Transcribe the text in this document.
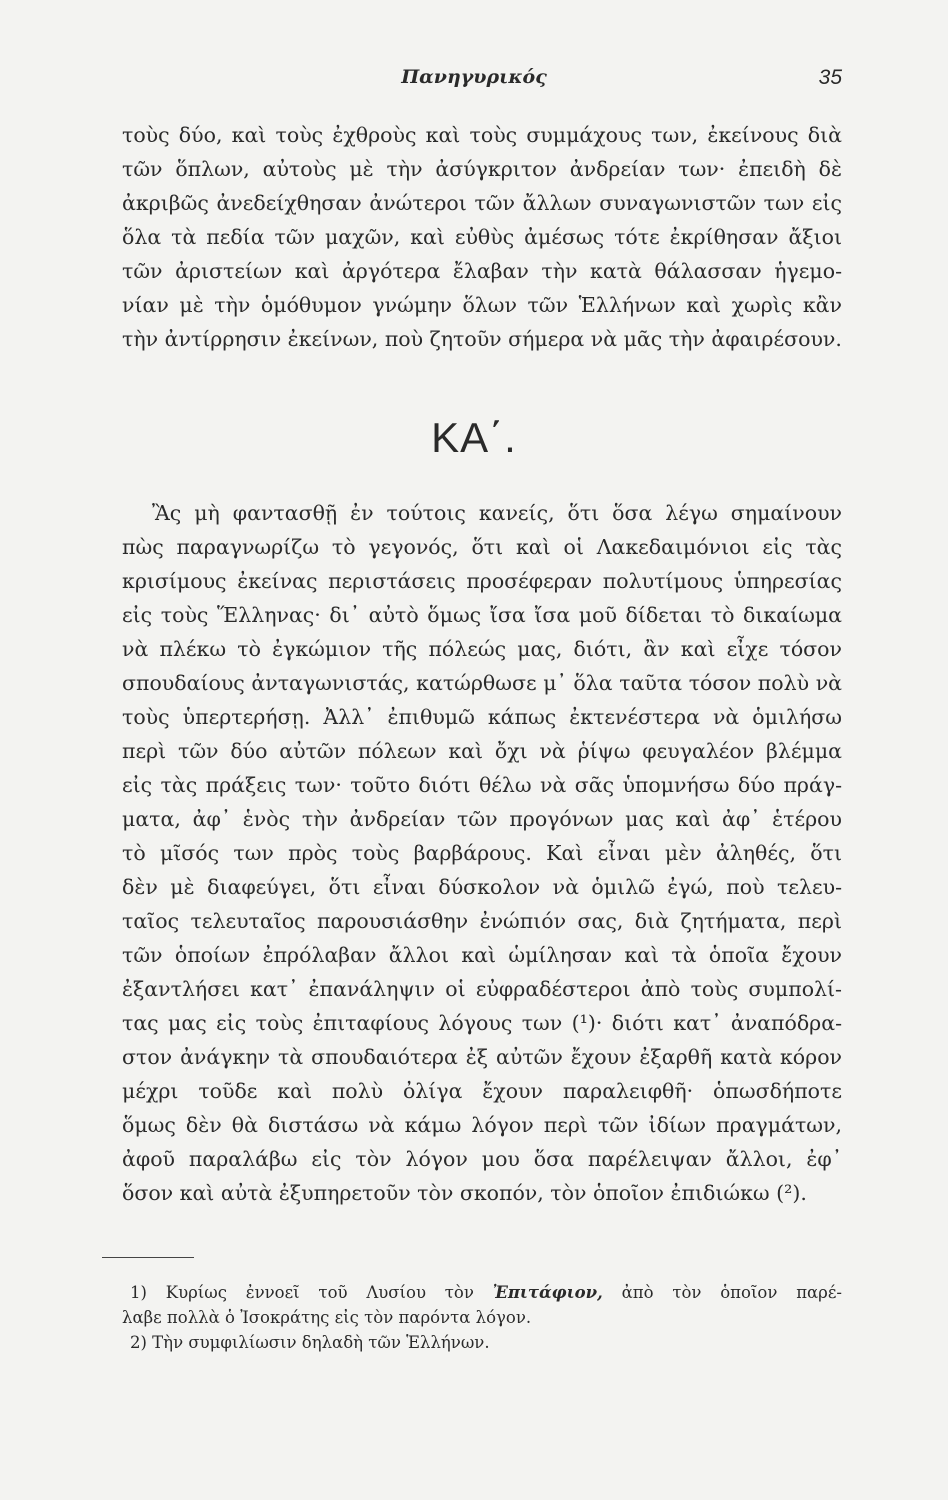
Πανηγυρικός	35
τοὺς δύο, καὶ τοὺς ἐχθροὺς καὶ τοὺς συμμάχους των, ἐκείνους διὰ
τῶν ὅπλων, αὐτοὺς μὲ τὴν ἀσύγκριτον ἀνδρείαν των· ἐπειδὴ δὲ
ἀκριβῶς ἀνεδείχθησαν ἀνώτεροι τῶν ἄλλων συναγωνιστῶν των εἰς
ὅλα τὰ πεδία τῶν μαχῶν, καὶ εὐθὺς ἀμέσως τότε ἐκρίθησαν ἄξιοι
τῶν ἀριστείων καὶ ἀργότερα ἔλαβαν τὴν κατὰ θάλασσαν ἡγεμο-
νίαν μὲ τὴν ὁμόθυμον γνώμην ὅλων τῶν Ἑλλήνων καὶ χωρὶς κἂν
τὴν ἀντίρρησιν ἐκείνων, ποὺ ζητοῦν σήμερα νὰ μᾶς τὴν ἀφαιρέσουν.
ΚΑ΄.
Ἂς μὴ φαντασθῇ ἐν τούτοις κανείς, ὅτι ὅσα λέγω σημαίνουν
πὼς παραγνωρίζω τὸ γεγονός, ὅτι καὶ οἱ Λακεδαιμόνιοι εἰς τὰς
κρισίμους ἐκείνας περιστάσεις προσέφεραν πολυτίμους ὑπηρεσίας
εἰς τοὺς Ἕλληνας· δι᾽ αὐτὸ ὅμως ἴσα ἴσα μοῦ δίδεται τὸ δικαίωμα
νὰ πλέκω τὸ ἐγκώμιον τῆς πόλεώς μας, διότι, ἂν καὶ εἶχε τόσον
σπουδαίους ἀνταγωνιστάς, κατώρθωσε μ᾽ ὅλα ταῦτα τόσον πολὺ νὰ
τοὺς ὑπερτερήσῃ. Ἀλλ᾽ ἐπιθυμῶ κάπως ἐκτενέστερα νὰ ὁμιλήσω
περὶ τῶν δύο αὐτῶν πόλεων καὶ ὄχι νὰ ῥίψω φευγαλέον βλέμμα
εἰς τὰς πράξεις των· τοῦτο διότι θέλω νὰ σᾶς ὑπομνήσω δύο πράγ-
ματα, ἀφ᾽ ἑνὸς τὴν ἀνδρείαν τῶν προγόνων μας καὶ ἀφ᾽ ἑτέρου
τὸ μῖσός των πρὸς τοὺς βαρβάρους. Καὶ εἶναι μὲν ἀληθές, ὅτι
δὲν μὲ διαφεύγει, ὅτι εἶναι δύσκολον νὰ ὁμιλῶ ἐγώ, ποὺ τελευ-
ταῖος τελευταῖος παρουσιάσθην ἐνώπιόν σας, διὰ ζητήματα, περὶ
τῶν ὁποίων ἐπρόλαβαν ἄλλοι καὶ ὡμίλησαν καὶ τὰ ὁποῖα ἔχουν
ἐξαντλήσει κατ᾽ ἐπανάληψιν οἱ εὐφραδέστεροι ἀπὸ τοὺς συμπολί-
τας μας εἰς τοὺς ἐπιταφίους λόγους των (¹)· διότι κατ᾽ ἀναπόδρα-
στον ἀνάγκην τὰ σπουδαιότερα ἐξ αὐτῶν ἔχουν ἐξαρθῆ κατὰ κόρον
μέχρι τοῦδε καὶ πολὺ ὀλίγα ἔχουν παραλειφθῆ· ὁπωσδήποτε
ὅμως δὲν θὰ διστάσω νὰ κάμω λόγον περὶ τῶν ἰδίων πραγμάτων,
ἀφοῦ παραλάβω εἰς τὸν λόγον μου ὅσα παρέλειψαν ἄλλοι, ἐφ᾽
ὅσον καὶ αὐτὰ ἐξυπηρετοῦν τὸν σκοπόν, τὸν ὁποῖον ἐπιδιώκω (²).
1) Κυρίως ἐννοεῖ τοῦ Λυσίου τὸν Ἐπιτάφιον, ἀπὸ τὸν ὁποῖον παρέ-
λαβε πολλὰ ὁ Ἰσοκράτης εἰς τὸν παρόντα λόγον.
2) Τὴν συμφιλίωσιν δηλαδὴ τῶν Ἑλλήνων.
